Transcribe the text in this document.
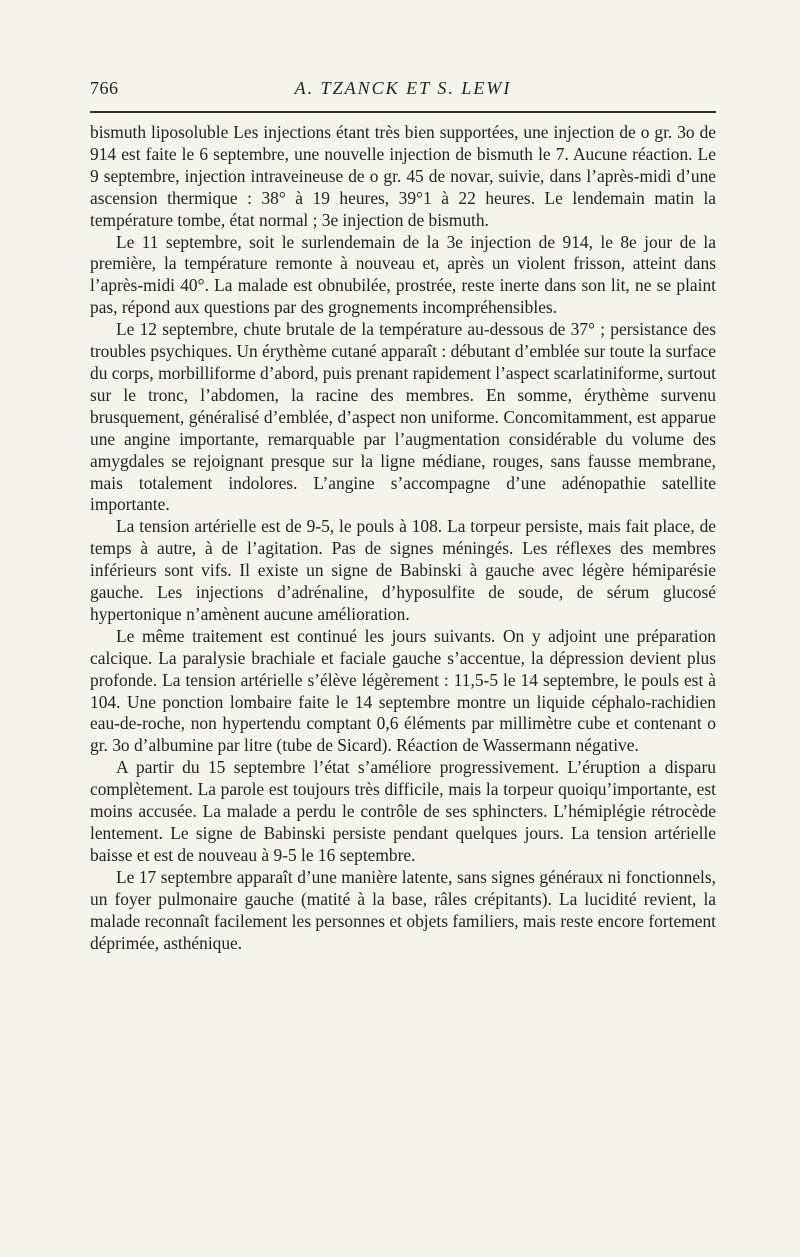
766	A. TZANCK ET S. LEWI

bismuth liposoluble Les injections étant très bien supportées, une injection de o gr. 3o de 914 est faite le 6 septembre, une nouvelle injection de bismuth le 7. Aucune réaction. Le 9 septembre, injection intraveineuse de o gr. 45 de novar, suivie, dans l’après-midi d’une ascension thermique : 38° à 19 heures, 39°1 à 22 heures. Le lendemain matin la température tombe, état normal ; 3e injection de bismuth.

Le 11 septembre, soit le surlendemain de la 3e injection de 914, le 8e jour de la première, la température remonte à nouveau et, après un violent frisson, atteint dans l’après-midi 40°. La malade est obnubilée, prostrée, reste inerte dans son lit, ne se plaint pas, répond aux questions par des grognements incompréhensibles.

Le 12 septembre, chute brutale de la température au-dessous de 37° ; persistance des troubles psychiques. Un érythème cutané apparaît : débutant d’emblée sur toute la surface du corps, morbilliforme d’abord, puis prenant rapidement l’aspect scarlatiniforme, surtout sur le tronc, l’abdomen, la racine des membres. En somme, érythème survenu brusquement, généralisé d’emblée, d’aspect non uniforme. Concomitamment, est apparue une angine importante, remarquable par l’augmentation considérable du volume des amygdales se rejoignant presque sur la ligne médiane, rouges, sans fausse membrane, mais totalement indolores. L’angine s’accompagne d’une adénopathie satellite importante.

La tension artérielle est de 9-5, le pouls à 108. La torpeur persiste, mais fait place, de temps à autre, à de l’agitation. Pas de signes méningés. Les réflexes des membres inférieurs sont vifs. Il existe un signe de Babinski à gauche avec légère hémiparésie gauche. Les injections d’adrénaline, d’hyposulfite de soude, de sérum glucosé hypertonique n’amènent aucune amélioration.

Le même traitement est continué les jours suivants. On y adjoint une préparation calcique. La paralysie brachiale et faciale gauche s’accentue, la dépression devient plus profonde. La tension artérielle s’élève légèrement : 11,5-5 le 14 septembre, le pouls est à 104. Une ponction lombaire faite le 14 septembre montre un liquide céphalo-rachidien eau-de-roche, non hypertendu comptant 0,6 éléments par millimètre cube et contenant o gr. 3o d’albumine par litre (tube de Sicard). Réaction de Wassermann négative.

A partir du 15 septembre l’état s’améliore progressivement. L’éruption a disparu complètement. La parole est toujours très difficile, mais la torpeur quoiqu’importante, est moins accusée. La malade a perdu le contrôle de ses sphincters. L’hémiplégie rétrocède lentement. Le signe de Babinski persiste pendant quelques jours. La tension artérielle baisse et est de nouveau à 9-5 le 16 septembre.

Le 17 septembre apparaît d’une manière latente, sans signes généraux ni fonctionnels, un foyer pulmonaire gauche (matité à la base, râles crépitants). La lucidité revient, la malade reconnaît facilement les personnes et objets familiers, mais reste encore fortement déprimée, asthénique.
